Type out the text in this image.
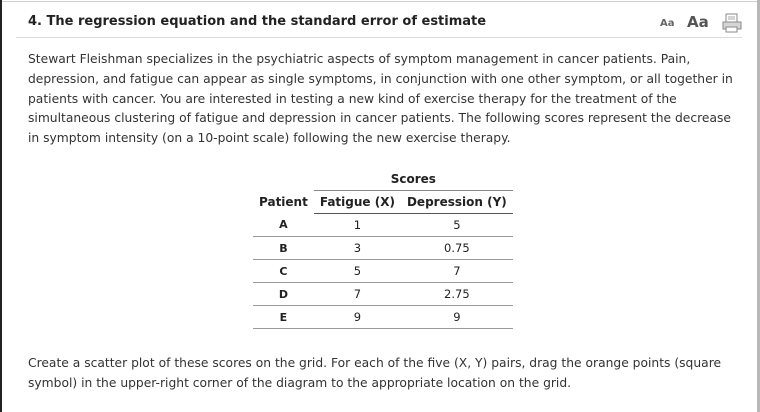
4. The regression equation and the standard error of estimate	Aa Aa

Stewart Fleishman specializes in the psychiatric aspects of symptom management in cancer patients. Pain, depression, and fatigue can appear as single symptoms, in conjunction with one other symptom, or all together in patients with cancer. You are interested in testing a new kind of exercise therapy for the treatment of the simultaneous clustering of fatigue and depression in cancer patients. The following scores represent the decrease in symptom intensity (on a 10-point scale) following the new exercise therapy.

	Scores	
Patient	Fatigue (X)	Depression (Y)
A	1	5
B	3	0.75
C	5	7
D	7	2.75
E	9	9

Create a scatter plot of these scores on the grid. For each of the five (X, Y) pairs, drag the orange points (square symbol) in the upper-right corner of the diagram to the appropriate location on the grid.
